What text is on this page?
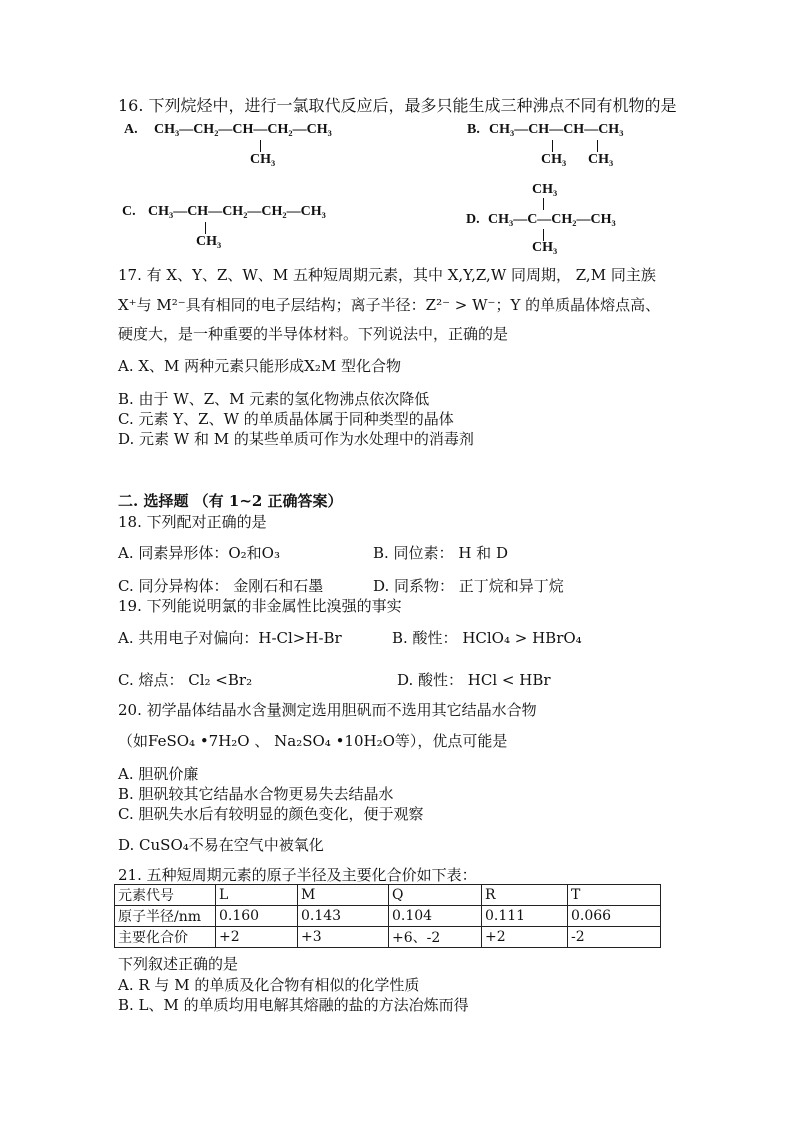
16. 下列烷烃中，进行一氯取代反应后，最多只能生成三种沸点不同有机物的是
A. CH₃—CH₂—CH—CH₂—CH₃
CH₃
B. CH₃—CH—CH—CH₃
CH₃ CH₃
C. CH₃—CH—CH₂—CH₂—CH₃
CH₃
CH₃
D. CH₃—C—CH₂—CH₃
CH₃
17. 有 X、Y、Z、W、M 五种短周期元素，其中 X,Y,Z,W 同周期， Z,M 同主族
X⁺与 M²⁻具有相同的电子层结构；离子半径：Z²⁻ > W⁻；Y 的单质晶体熔点高、
硬度大，是一种重要的半导体材料。下列说法中，正确的是
A. X、M 两种元素只能形成X₂M 型化合物
B. 由于 W、Z、M 元素的氢化物沸点依次降低
C. 元素 Y、Z、W 的单质晶体属于同种类型的晶体
D. 元素 W 和 M 的某些单质可作为水处理中的消毒剂
二. 选择题 （有 1~2 正确答案）
18. 下列配对正确的是
A. 同素异形体：O₂和O₃	B. 同位素： H 和 D
C. 同分异构体： 金刚石和石墨	D. 同系物： 正丁烷和异丁烷
19. 下列能说明氯的非金属性比溴强的事实
A. 共用电子对偏向：H-Cl>H-Br	B. 酸性： HClO₄ > HBrO₄
C. 熔点： Cl₂ <Br₂	D. 酸性： HCl < HBr
20. 初学晶体结晶水含量测定选用胆矾而不选用其它结晶水合物
（如FeSO₄ •7H₂O 、 Na₂SO₄ •10H₂O等），优点可能是
A. 胆矾价廉
B. 胆矾较其它结晶水合物更易失去结晶水
C. 胆矾失水后有较明显的颜色变化，便于观察
D. CuSO₄不易在空气中被氧化
21. 五种短周期元素的原子半径及主要化合价如下表：
元素代号	L	M	Q	R	T
原子半径/nm	0.160	0.143	0.104	0.111	0.066
主要化合价	+2	+3	+6、-2	+2	-2
下列叙述正确的是
A. R 与 M 的单质及化合物有相似的化学性质
B. L、M 的单质均用电解其熔融的盐的方法冶炼而得
